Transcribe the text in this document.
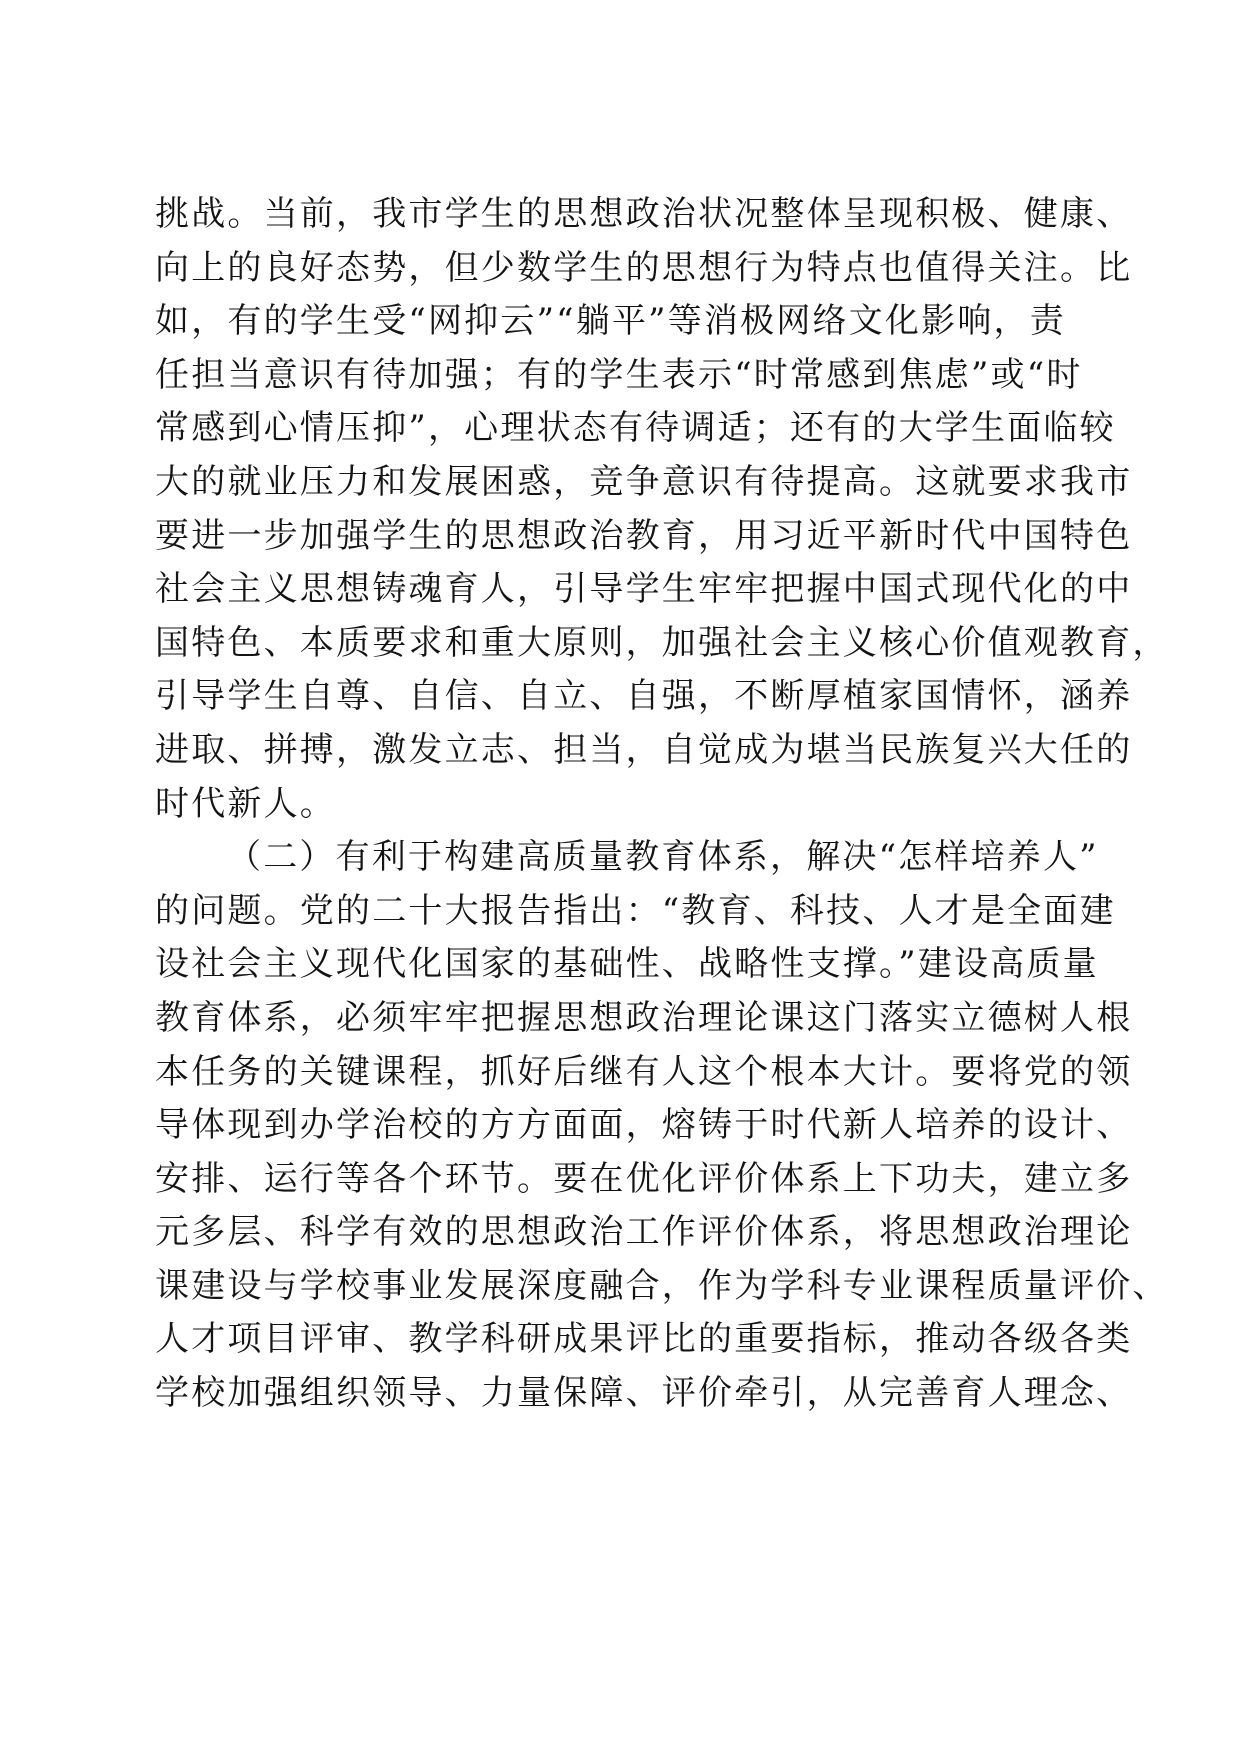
挑战。当前，我市学生的思想政治状况整体呈现积极、健康、
向上的良好态势，但少数学生的思想行为特点也值得关注。比
如，有的学生受“网抑云”“躺平”等消极网络文化影响，责
任担当意识有待加强；有的学生表示“时常感到焦虑”或“时
常感到心情压抑”，心理状态有待调适；还有的大学生面临较
大的就业压力和发展困惑，竞争意识有待提高。这就要求我市
要进一步加强学生的思想政治教育，用习近平新时代中国特色
社会主义思想铸魂育人，引导学生牢牢把握中国式现代化的中
国特色、本质要求和重大原则，加强社会主义核心价值观教育，
引导学生自尊、自信、自立、自强，不断厚植家国情怀，涵养
进取、拼搏，激发立志、担当，自觉成为堪当民族复兴大任的
时代新人。
（二）有利于构建高质量教育体系，解决“怎样培养人”
的问题。党的二十大报告指出：“教育、科技、人才是全面建
设社会主义现代化国家的基础性、战略性支撑。”建设高质量
教育体系，必须牢牢把握思想政治理论课这门落实立德树人根
本任务的关键课程，抓好后继有人这个根本大计。要将党的领
导体现到办学治校的方方面面，熔铸于时代新人培养的设计、
安排、运行等各个环节。要在优化评价体系上下功夫，建立多
元多层、科学有效的思想政治工作评价体系，将思想政治理论
课建设与学校事业发展深度融合，作为学科专业课程质量评价、
人才项目评审、教学科研成果评比的重要指标，推动各级各类
学校加强组织领导、力量保障、评价牵引，从完善育人理念、
